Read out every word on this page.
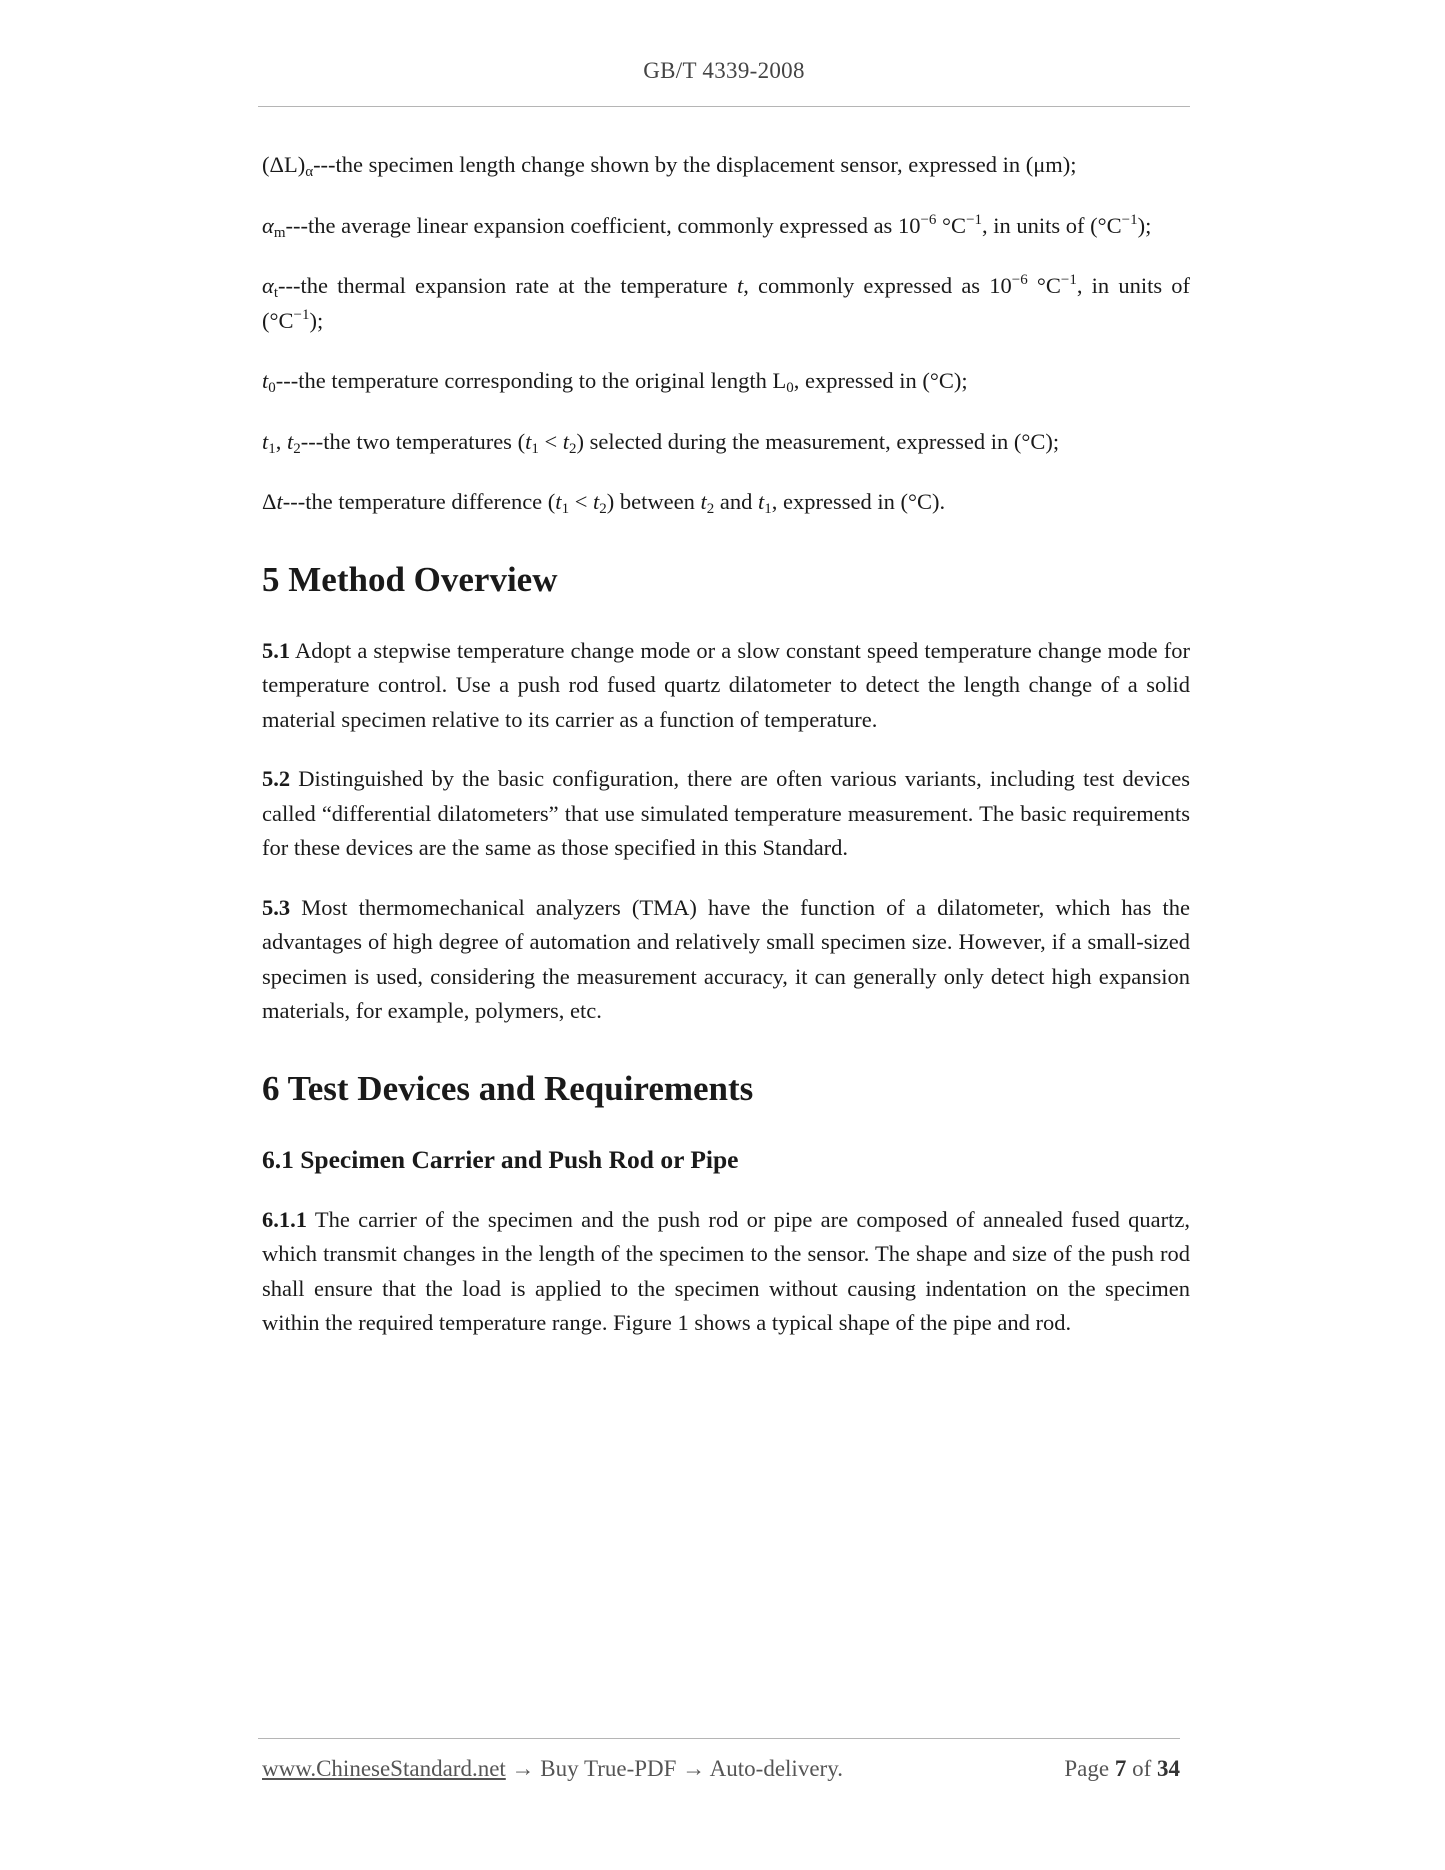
GB/T 4339-2008

$(\Delta L)_\alpha--$-the specimen length change shown by the displacement sensor, expressed in (μm);

$\alpha_m--$-the average linear expansion coefficient, commonly expressed as $10^{-6}$ $^\circ C^{-1}$, in units of $(^\circ C^{-1})$;

$\alpha_t--$-the thermal expansion rate at the temperature t, commonly expressed as $10^{-6}$ $^\circ C^{-1}$, in units of $(^\circ C^{-1})$;

$t_0--$-the temperature corresponding to the original length $L_0$, expressed in (°C);

$t_1$, $t_2--$-the two temperatures $(t_1 < t_2)$ selected during the measurement, expressed in (°C);

Δt---the temperature difference $(t_1 < t_2)$ between $t_2$ and $t_1$, expressed in (°C).

5 Method Overview

5.1 Adopt a stepwise temperature change mode or a slow constant speed temperature change mode for temperature control. Use a push rod fused quartz dilatometer to detect the length change of a solid material specimen relative to its carrier as a function of temperature.

5.2 Distinguished by the basic configuration, there are often various variants, including test devices called “differential dilatometers” that use simulated temperature measurement. The basic requirements for these devices are the same as those specified in this Standard.

5.3 Most thermomechanical analyzers (TMA) have the function of a dilatometer, which has the advantages of high degree of automation and relatively small specimen size. However, if a small-sized specimen is used, considering the measurement accuracy, it can generally only detect high expansion materials, for example, polymers, etc.

6 Test Devices and Requirements
6.1 Specimen Carrier and Push Rod or Pipe

6.1.1 The carrier of the specimen and the push rod or pipe are composed of annealed fused quartz, which transmit changes in the length of the specimen to the sensor. The shape and size of the push rod shall ensure that the load is applied to the specimen without causing indentation on the specimen within the required temperature range. Figure 1 shows a typical shape of the pipe and rod.

www.ChineseStandard.net → Buy True-PDF → Auto-delivery.	Page 7 of 34
